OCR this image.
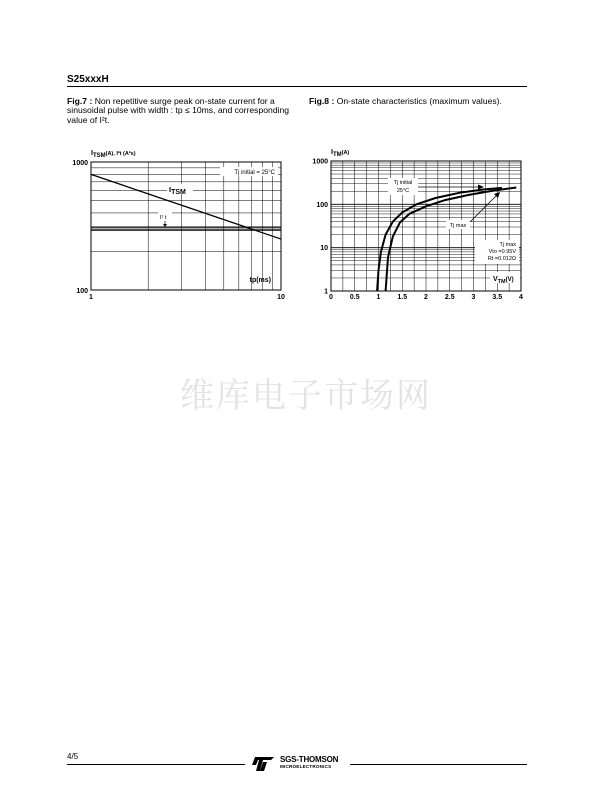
S25xxxH
Fig.7 : Non repetitive surge peak on-state current for a sinusoidal pulse with width : tp ≤ 10ms, and corresponding value of I²t.
Fig.8 : On-state characteristics (maximum values).
$ITSM^{(A), I^2t (A^2s)}$
1000
100
1	10
tp(ms)
Tj initial = 25°C
ITSM
I² t
$ITM^{(A)}$
1
10
100
1000
0 0.5 1 1.5 2 2.5 3 3.5 4
Tj initial
25°C
Tj max
Tj max
Vto =0.95V
Rt =0.012Ω
$V_{TM}(V)$
维库电子市场网
4/5	SGS-THOMSON
MICROELECTRONICS
